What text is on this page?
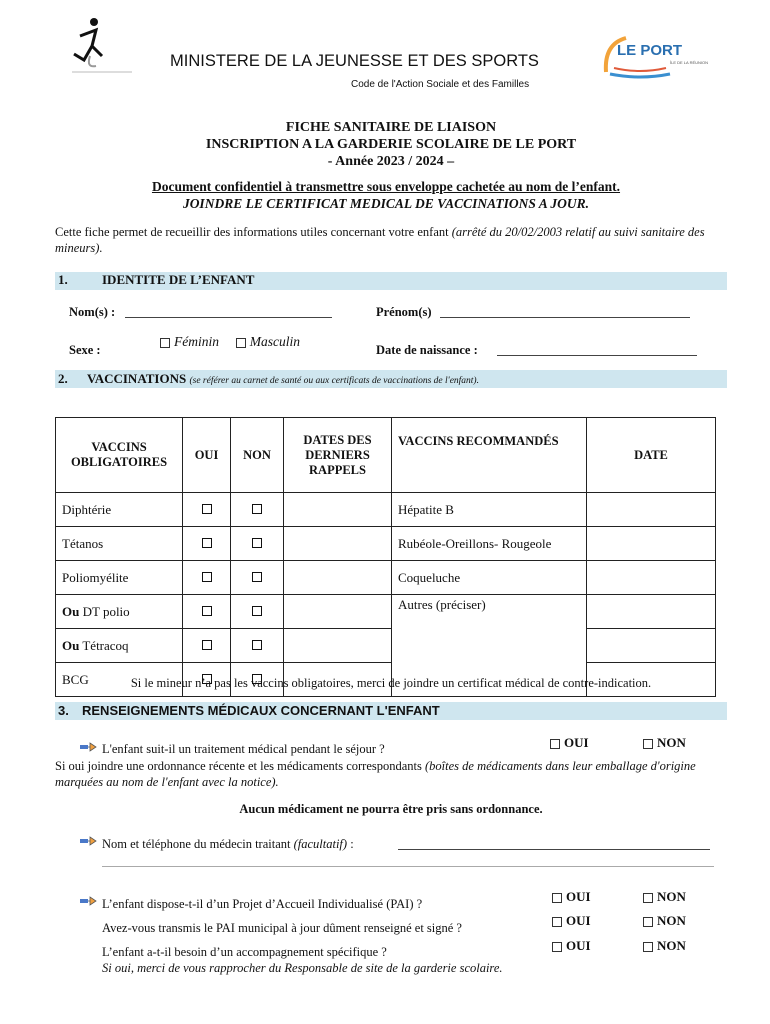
LE PORT
ÎLE DE LA RÉUNION
MINISTERE DE LA JEUNESSE ET DES SPORTS
Code de l'Action Sociale et des Familles
FICHE SANITAIRE DE LIAISON
INSCRIPTION A LA GARDERIE SCOLAIRE DE LE PORT
- Année 2023 / 2024 –
Document confidentiel à transmettre sous enveloppe cachetée au nom de l’enfant.
JOINDRE LE CERTIFICAT MEDICAL DE VACCINATIONS A JOUR.
Cette fiche permet de recueillir des informations utiles concernant votre enfant (arrêté du 20/02/2003 relatif au suivi sanitaire des mineurs).
1.	IDENTITE DE L’ENFANT
Nom(s) :	Prénom(s)
Sexe :
Féminin Masculin
Date de naissance :
2. VACCINATIONS (se référer au carnet de santé ou aux certificats de vaccinations de l'enfant).
VACCINS OBLIGATOIRES	OUI	NON	DATES DES DERNIERS RAPPELS	VACCINS RECOMMANDÉS	DATE
Diphtérie				Hépatite B	
Tétanos				Rubéole-Oreillons- Rougeole	
Poliomyélite				Coqueluche	
Ou DT polio				Autres (préciser)	
Ou Tétracoq					
BCG						Si le mineur n’a pas les vaccins obligatoires, merci de joindre un certificat médical de contre-indication.
3. RENSEIGNEMENTS MÉDICAUX CONCERNANT L'ENFANT
L'enfant suit-il un traitement médical pendant le séjour ?	OUI	NON
Si oui joindre une ordonnance récente et les médicaments correspondants (boîtes de médicaments dans leur emballage d'origine marquées au nom de l'enfant avec la notice).
Aucun médicament ne pourra être pris sans ordonnance.
Nom et téléphone du médecin traitant (facultatif) :
L’enfant dispose-t-il d’un Projet d’Accueil Individualisé (PAI) ?	OUI	NON
Avez-vous transmis le PAI municipal à jour dûment renseigné et signé ?	OUI	NON
L’enfant a-t-il besoin d’un accompagnement spécifique ?	OUI	NON
Si oui, merci de vous rapprocher du Responsable de site de la garderie scolaire.
